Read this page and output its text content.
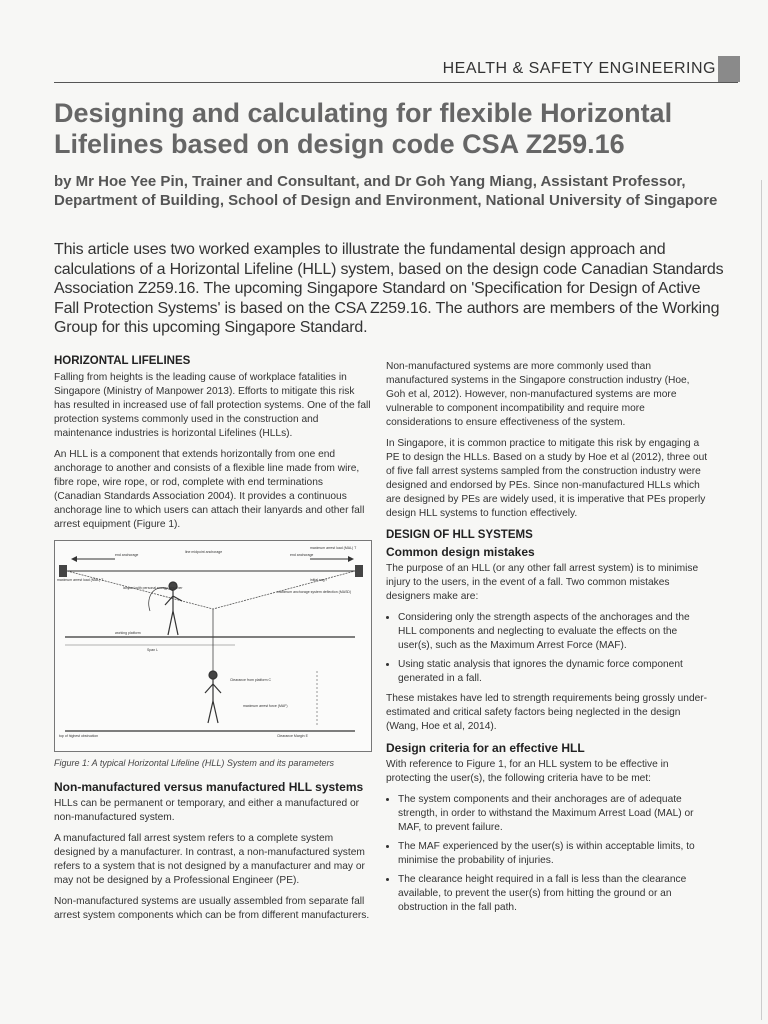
HEALTH & SAFETY ENGINEERING
Designing and calculating for flexible Horizontal Lifelines based on design code CSA Z259.16
by Mr Hoe Yee Pin, Trainer and Consultant, and Dr Goh Yang Miang, Assistant Professor, Department of Building, School of Design and Environment, National University of Singapore
This article uses two worked examples to illustrate the fundamental design approach and calculations of a Horizontal Lifeline (HLL) system, based on the design code Canadian Standards Association Z259.16. The upcoming Singapore Standard on 'Specification for Design of Active Fall Protection Systems' is based on the CSA Z259.16. The authors are members of the Working Group for this upcoming Singapore Standard.
HORIZONTAL LIFELINES

Falling from heights is the leading cause of workplace fatalities in Singapore (Ministry of Manpower 2013). Efforts to mitigate this risk has resulted in increased use of fall protection systems. One of the fall protection systems commonly used in the construction and maintenance industries is horizontal Lifelines (HLLs).

An HLL is a component that extends horizontally from one end anchorage to another and consists of a flexible line made from wire, fibre rope, wire rope, or rod, complete with end terminations (Canadian Standards Association 2004). It provides a continuous anchorage line to which users can attach their lanyards and other fall arrest equipment (Figure 1).

end anchorage
line midpoint anchorage
end anchorage
maximum arrest load (MAL) T
maximum arrest load (MAL) T
lanyard with personal energy absorber
initial sag f
maximum anchorage system deflection (MASD)
working platform
Span L
Clearance from platform C
maximum arrest force (MAF)
top of highest obstruction	Clearance Margin E
Figure 1: A typical Horizontal Lifeline (HLL) System and its parameters
Non-manufactured versus manufactured HLL systems

HLLs can be permanent or temporary, and either a manufactured or non-manufactured system.

A manufactured fall arrest system refers to a complete system designed by a manufacturer. In contrast, a non-manufactured system refers to a system that is not designed by a manufacturer and may or may not be designed by a Professional Engineer (PE).

Non-manufactured systems are usually assembled from separate fall arrest system components which can be from different manufacturers.

Non-manufactured systems are more commonly used than manufactured systems in the Singapore construction industry (Hoe, Goh et al, 2012). However, non-manufactured systems are more vulnerable to component incompatibility and require more considerations to ensure effectiveness of the system.

In Singapore, it is common practice to mitigate this risk by engaging a PE to design the HLLs. Based on a study by Hoe et al (2012), three out of five fall arrest systems sampled from the construction industry were designed and endorsed by PEs. Since non-manufactured HLLs which are designed by PEs are widely used, it is imperative that PEs properly design HLL systems to function effectively.

DESIGN OF HLL SYSTEMS
Common design mistakes

The purpose of an HLL (or any other fall arrest system) is to minimise injury to the users, in the event of a fall. Two common mistakes designers make are:

• Considering only the strength aspects of the anchorages and the HLL components and neglecting to evaluate the effects on the user(s), such as the Maximum Arrest Force (MAF).
• Using static analysis that ignores the dynamic force component generated in a fall.

These mistakes have led to strength requirements being grossly under-estimated and critical safety factors being neglected in the design (Wang, Hoe et al, 2014).

Design criteria for an effective HLL

With reference to Figure 1, for an HLL system to be effective in protecting the user(s), the following criteria have to be met:

• The system components and their anchorages are of adequate strength, in order to withstand the Maximum Arrest Load (MAL) or MAF, to prevent failure.
• The MAF experienced by the user(s) is within acceptable limits, to minimise the probability of injuries.
• The clearance height required in a fall is less than the clearance available, to prevent the user(s) from hitting the ground or an obstruction in the fall path.
